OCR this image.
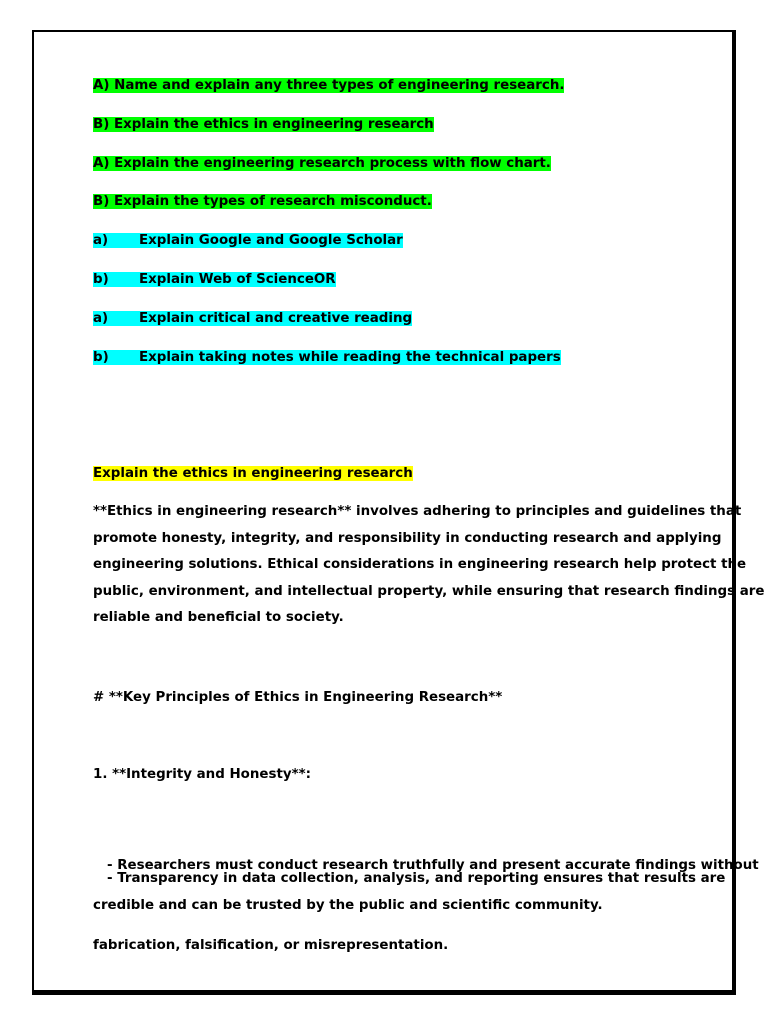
A) Name and explain any three types of engineering research.
B) Explain the ethics in engineering research
A) Explain the engineering research process with flow chart.
B) Explain the types of research misconduct.
a) Explain Google and Google Scholar
b) Explain Web of ScienceOR
a) Explain critical and creative reading
b) Explain taking notes while reading the technical papers
Explain the ethics in engineering research
**Ethics in engineering research** involves adhering to principles and guidelines that
promote honesty, integrity, and responsibility in conducting research and applying
engineering solutions. Ethical considerations in engineering research help protect the
public, environment, and intellectual property, while ensuring that research findings are
reliable and beneficial to society.
# **Key Principles of Ethics in Engineering Research**
1. **Integrity and Honesty**:

- Researchers must conduct research truthfully and present accurate findings without

fabrication, falsification, or misrepresentation.

- Transparency in data collection, analysis, and reporting ensures that results are
credible and can be trusted by the public and scientific community.
